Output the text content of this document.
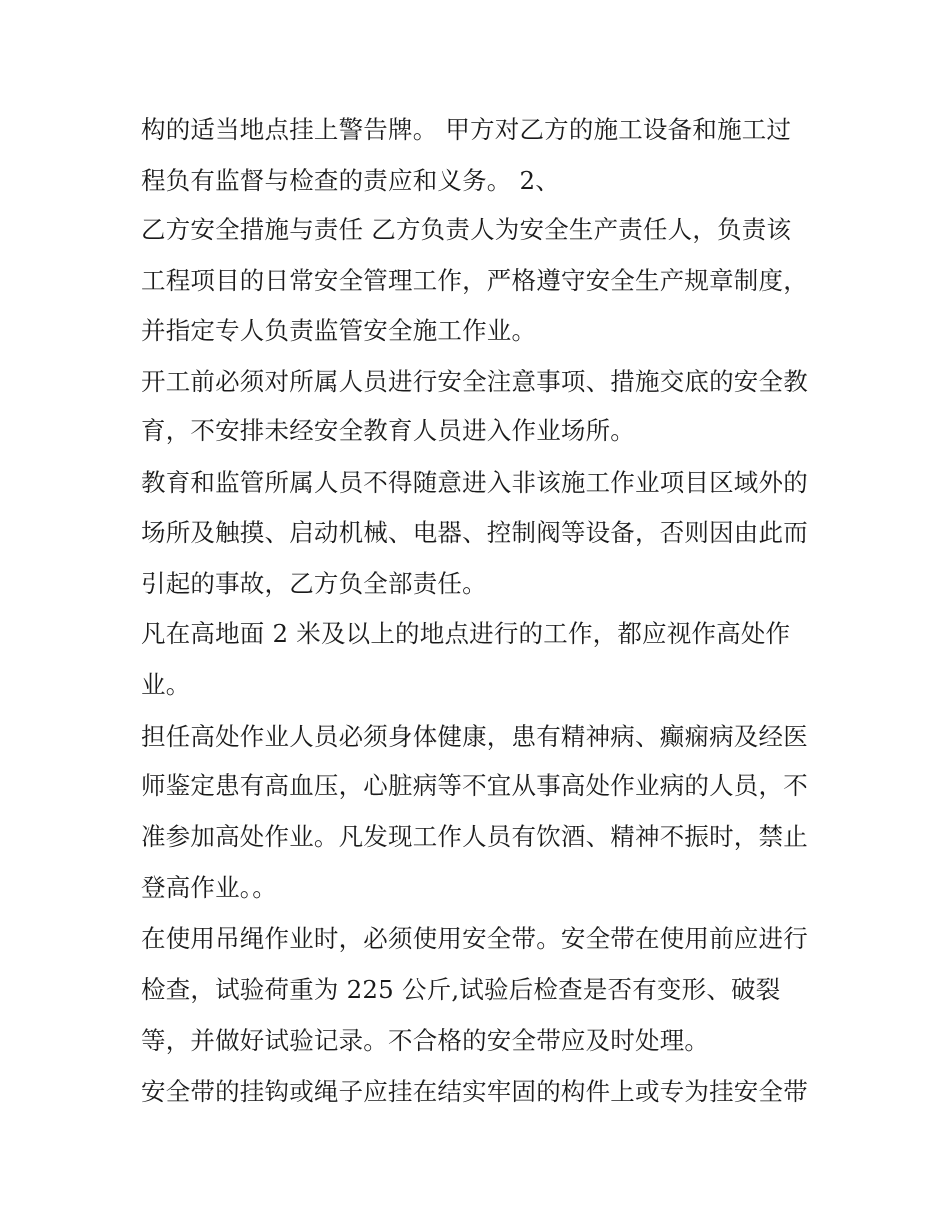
构的适当地点挂上警告牌。 甲方对乙方的施工设备和施工过
程负有监督与检查的责应和义务。 2、
乙方安全措施与责任 乙方负责人为安全生产责任人，负责该
工程项目的日常安全管理工作，严格遵守安全生产规章制度，
并指定专人负责监管安全施工作业。
开工前必须对所属人员进行安全注意事项、措施交底的安全教
育，不安排未经安全教育人员进入作业场所。
教育和监管所属人员不得随意进入非该施工作业项目区域外的
场所及触摸、启动机械、电器、控制阀等设备，否则因由此而
引起的事故，乙方负全部责任。
凡在高地面 2 米及以上的地点进行的工作，都应视作高处作
业。
担任高处作业人员必须身体健康，患有精神病、癫痫病及经医
师鉴定患有高血压，心脏病等不宜从事高处作业病的人员，不
准参加高处作业。凡发现工作人员有饮酒、精神不振时，禁止
登高作业。。
在使用吊绳作业时，必须使用安全带。安全带在使用前应进行
检查，试验荷重为 225 公斤,试验后检查是否有变形、破裂
等，并做好试验记录。不合格的安全带应及时处理。
安全带的挂钩或绳子应挂在结实牢固的构件上或专为挂安全带
